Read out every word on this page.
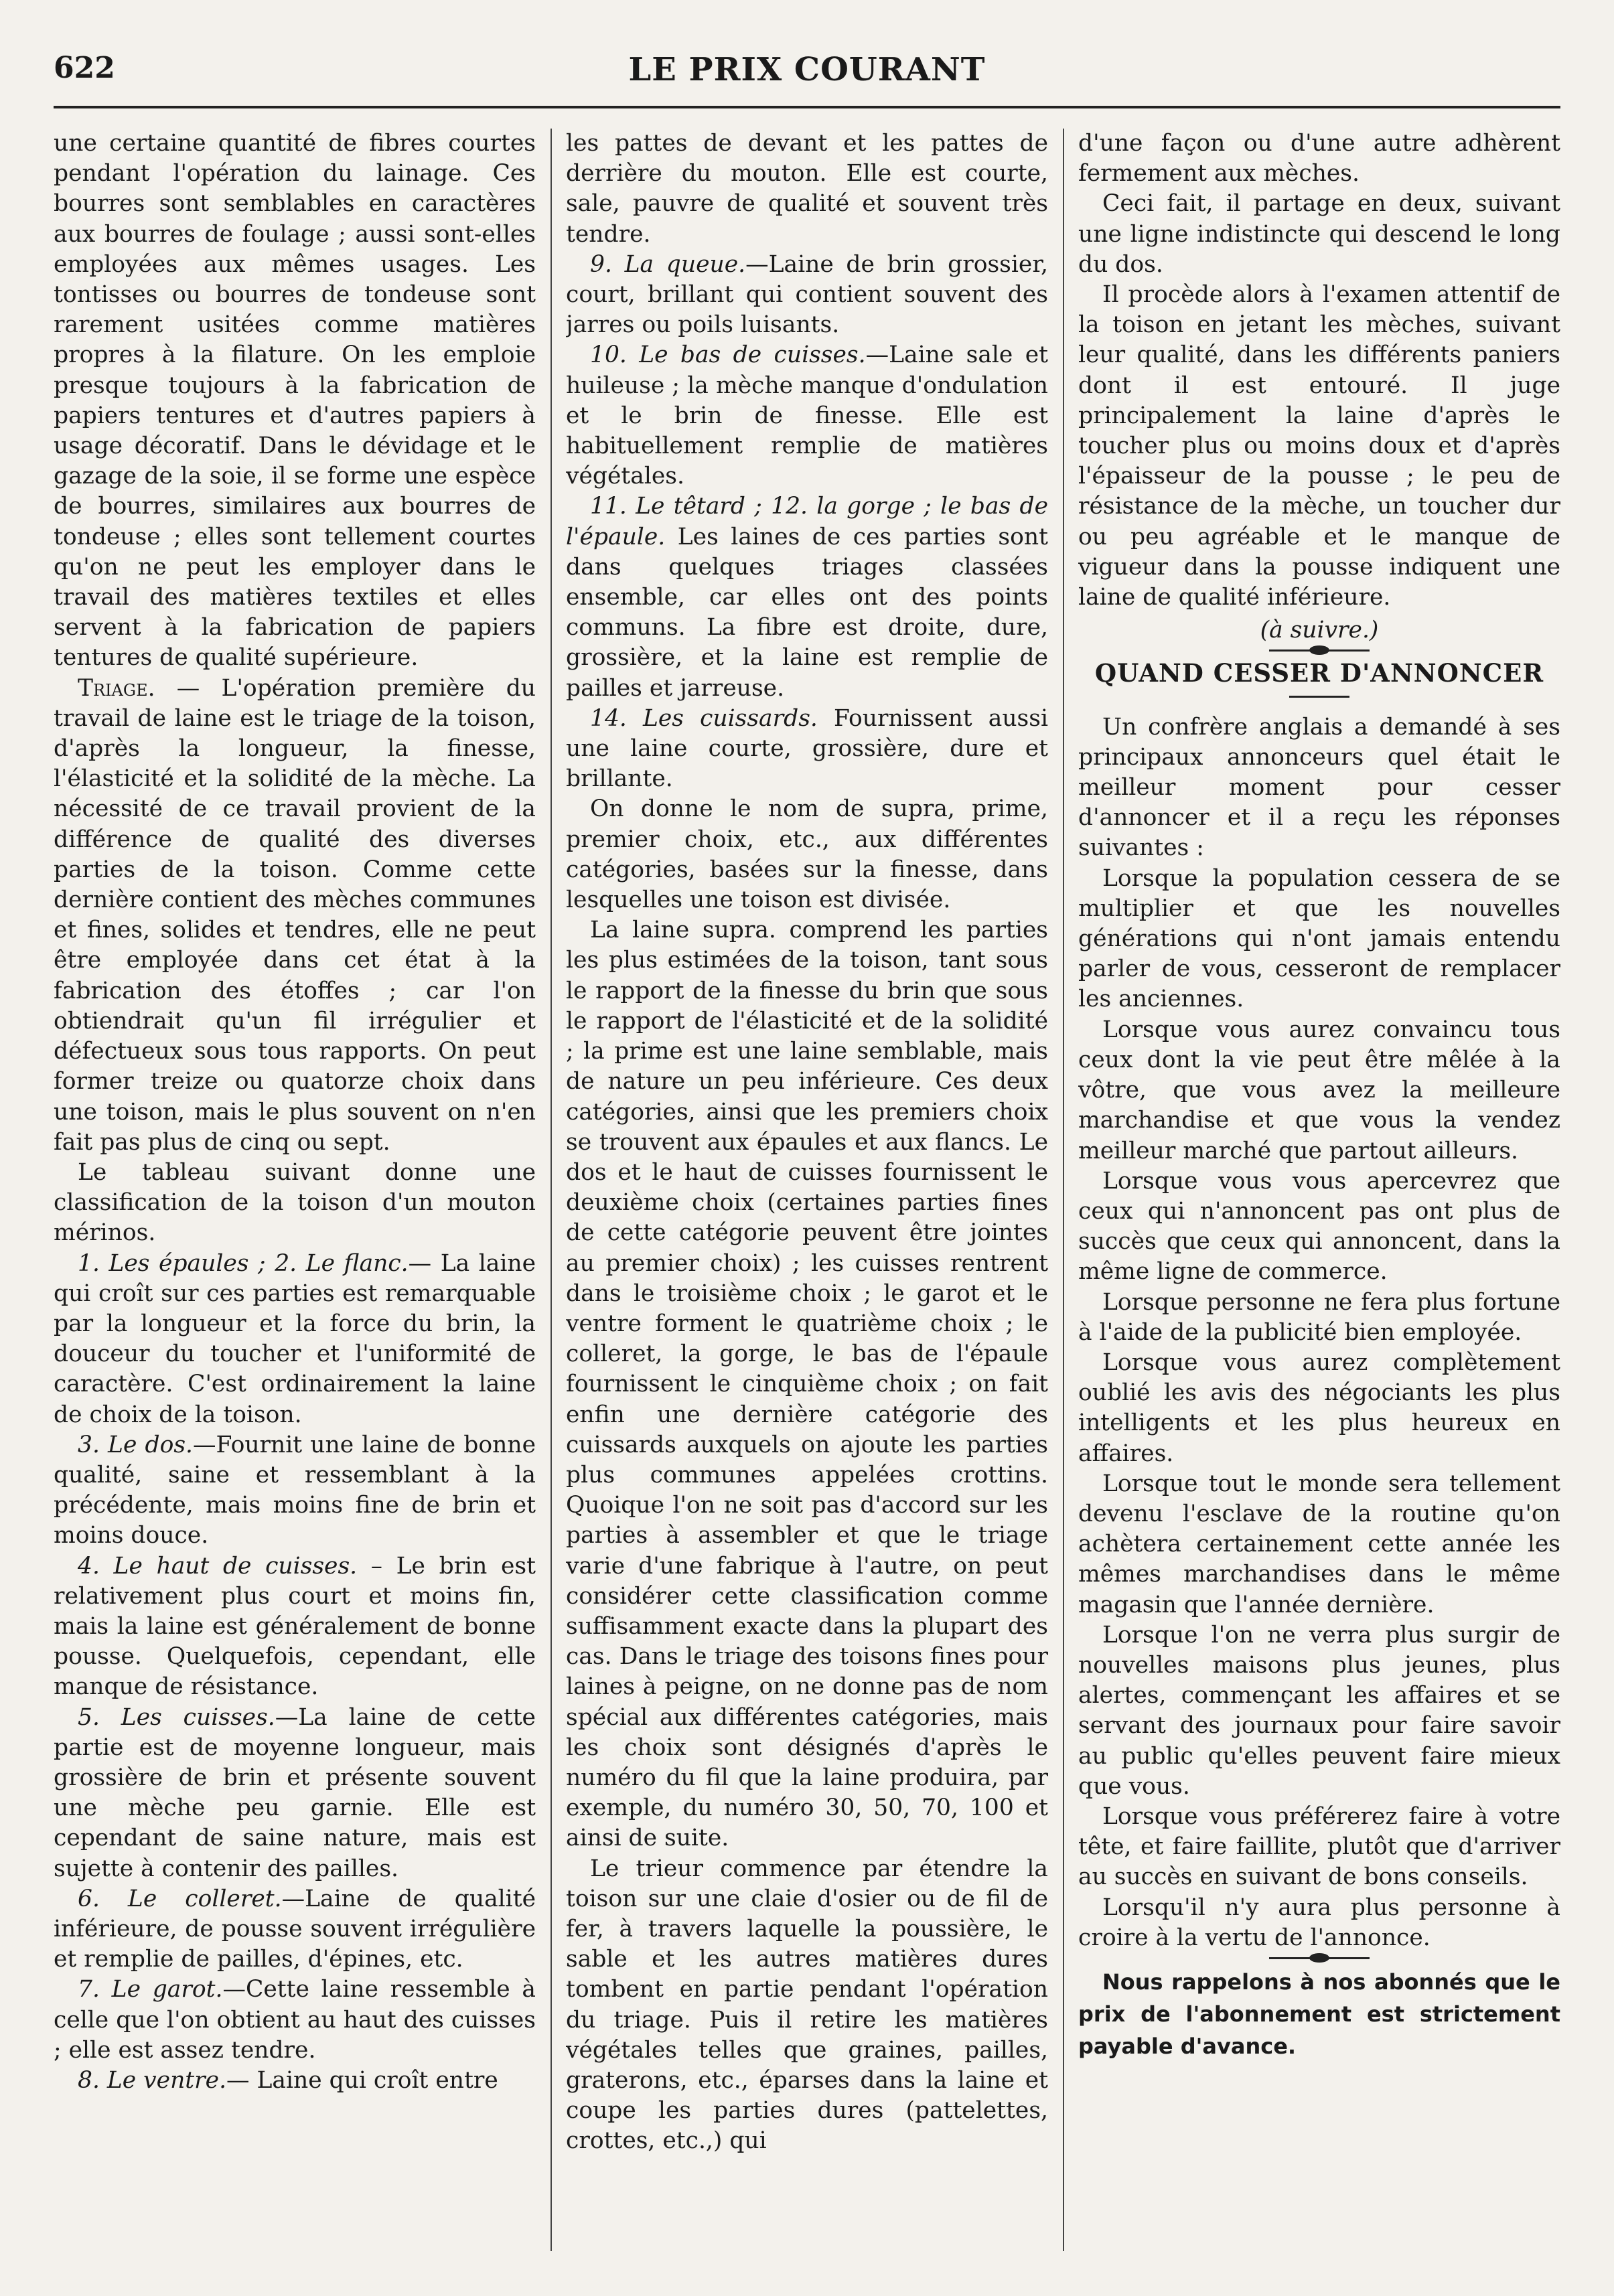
622	LE PRIX COURANT

une certaine quantité de fibres courtes pendant l'opération du lainage. Ces bourres sont semblables en caractères aux bourres de foulage ; aussi sont-elles employées aux mêmes usages. Les tontisses ou bourres de tondeuse sont rarement usitées comme matières propres à la filature. On les emploie presque toujours à la fabrication de papiers tentures et d'autres papiers à usage décoratif. Dans le dévidage et le gazage de la soie, il se forme une espèce de bourres, similaires aux bourres de tondeuse ; elles sont tellement courtes qu'on ne peut les employer dans le travail des matières textiles et elles servent à la fabrication de papiers tentures de qualité supérieure.

Triage. — L'opération première du travail de laine est le triage de la toison, d'après la longueur, la finesse, l'élasticité et la solidité de la mèche. La nécessité de ce travail provient de la différence de qualité des diverses parties de la toison. Comme cette dernière contient des mèches communes et fines, solides et tendres, elle ne peut être employée dans cet état à la fabrication des étoffes ; car l'on obtiendrait qu'un fil irrégulier et défectueux sous tous rapports. On peut former treize ou quatorze choix dans une toison, mais le plus souvent on n'en fait pas plus de cinq ou sept.

Le tableau suivant donne une classification de la toison d'un mouton mérinos.

1. Les épaules ; 2. Le flanc.— La laine qui croît sur ces parties est remarquable par la longueur et la force du brin, la douceur du toucher et l'uniformité de caractère. C'est ordinairement la laine de choix de la toison.

3. Le dos.—Fournit une laine de bonne qualité, saine et ressemblant à la précédente, mais moins fine de brin et moins douce.

4. Le haut de cuisses. – Le brin est relativement plus court et moins fin, mais la laine est généralement de bonne pousse. Quelquefois, cependant, elle manque de résistance.

5. Les cuisses.—La laine de cette partie est de moyenne longueur, mais grossière de brin et présente souvent une mèche peu garnie. Elle est cependant de saine nature, mais est sujette à contenir des pailles.

6. Le colleret.—Laine de qualité inférieure, de pousse souvent irrégulière et remplie de pailles, d'épines, etc.

7. Le garot.—Cette laine ressemble à celle que l'on obtient au haut des cuisses ; elle est assez tendre.

8. Le ventre.— Laine qui croît entre

les pattes de devant et les pattes de derrière du mouton. Elle est courte, sale, pauvre de qualité et souvent très tendre.

9. La queue.—Laine de brin grossier, court, brillant qui contient souvent des jarres ou poils luisants.

10. Le bas de cuisses.—Laine sale et huileuse ; la mèche manque d'ondulation et le brin de finesse. Elle est habituellement remplie de matières végétales.

11. Le têtard ; 12. la gorge ; le bas de l'épaule. Les laines de ces parties sont dans quelques triages classées ensemble, car elles ont des points communs. La fibre est droite, dure, grossière, et la laine est remplie de pailles et jarreuse.

14. Les cuissards. Fournissent aussi une laine courte, grossière, dure et brillante.

On donne le nom de supra, prime, premier choix, etc., aux différentes catégories, basées sur la finesse, dans lesquelles une toison est divisée.

La laine supra. comprend les parties les plus estimées de la toison, tant sous le rapport de la finesse du brin que sous le rapport de l'élasticité et de la solidité ; la prime est une laine semblable, mais de nature un peu inférieure. Ces deux catégories, ainsi que les premiers choix se trouvent aux épaules et aux flancs. Le dos et le haut de cuisses fournissent le deuxième choix (certaines parties fines de cette catégorie peuvent être jointes au premier choix) ; les cuisses rentrent dans le troisième choix ; le garot et le ventre forment le quatrième choix ; le colleret, la gorge, le bas de l'épaule fournissent le cinquième choix ; on fait enfin une dernière catégorie des cuissards auxquels on ajoute les parties plus communes appelées crottins. Quoique l'on ne soit pas d'accord sur les parties à assembler et que le triage varie d'une fabrique à l'autre, on peut considérer cette classification comme suffisamment exacte dans la plupart des cas. Dans le triage des toisons fines pour laines à peigne, on ne donne pas de nom spécial aux différentes catégories, mais les choix sont désignés d'après le numéro du fil que la laine produira, par exemple, du numéro 30, 50, 70, 100 et ainsi de suite.

Le trieur commence par étendre la toison sur une claie d'osier ou de fil de fer, à travers laquelle la poussière, le sable et les autres matières dures tombent en partie pendant l'opération du triage. Puis il retire les matières végétales telles que graines, pailles, graterons, etc., éparses dans la laine et coupe les parties dures (pattelettes, crottes, etc.,) qui

d'une façon ou d'une autre adhèrent fermement aux mèches.

Ceci fait, il partage en deux, suivant une ligne indistincte qui descend le long du dos.

Il procède alors à l'examen attentif de la toison en jetant les mèches, suivant leur qualité, dans les différents paniers dont il est entouré. Il juge principalement la laine d'après le toucher plus ou moins doux et d'après l'épaisseur de la pousse ; le peu de résistance de la mèche, un toucher dur ou peu agréable et le manque de vigueur dans la pousse indiquent une laine de qualité inférieure.

(à suivre.)

QUAND CESSER D'ANNONCER

Un confrère anglais a demandé à ses principaux annonceurs quel était le meilleur moment pour cesser d'annoncer et il a reçu les réponses suivantes :

Lorsque la population cessera de se multiplier et que les nouvelles générations qui n'ont jamais entendu parler de vous, cesseront de remplacer les anciennes.

Lorsque vous aurez convaincu tous ceux dont la vie peut être mêlée à la vôtre, que vous avez la meilleure marchandise et que vous la vendez meilleur marché que partout ailleurs.

Lorsque vous vous apercevrez que ceux qui n'annoncent pas ont plus de succès que ceux qui annoncent, dans la même ligne de commerce.

Lorsque personne ne fera plus fortune à l'aide de la publicité bien employée.

Lorsque vous aurez complètement oublié les avis des négociants les plus intelligents et les plus heureux en affaires.

Lorsque tout le monde sera tellement devenu l'esclave de la routine qu'on achètera certainement cette année les mêmes marchandises dans le même magasin que l'année dernière.

Lorsque l'on ne verra plus surgir de nouvelles maisons plus jeunes, plus alertes, commençant les affaires et se servant des journaux pour faire savoir au public qu'elles peuvent faire mieux que vous.

Lorsque vous préférerez faire à votre tête, et faire faillite, plutôt que d'arriver au succès en suivant de bons conseils.

Lorsqu'il n'y aura plus personne à croire à la vertu de l'annonce.

Nous rappelons à nos abonnés que le prix de l'abonnement est strictement payable d'avance.
